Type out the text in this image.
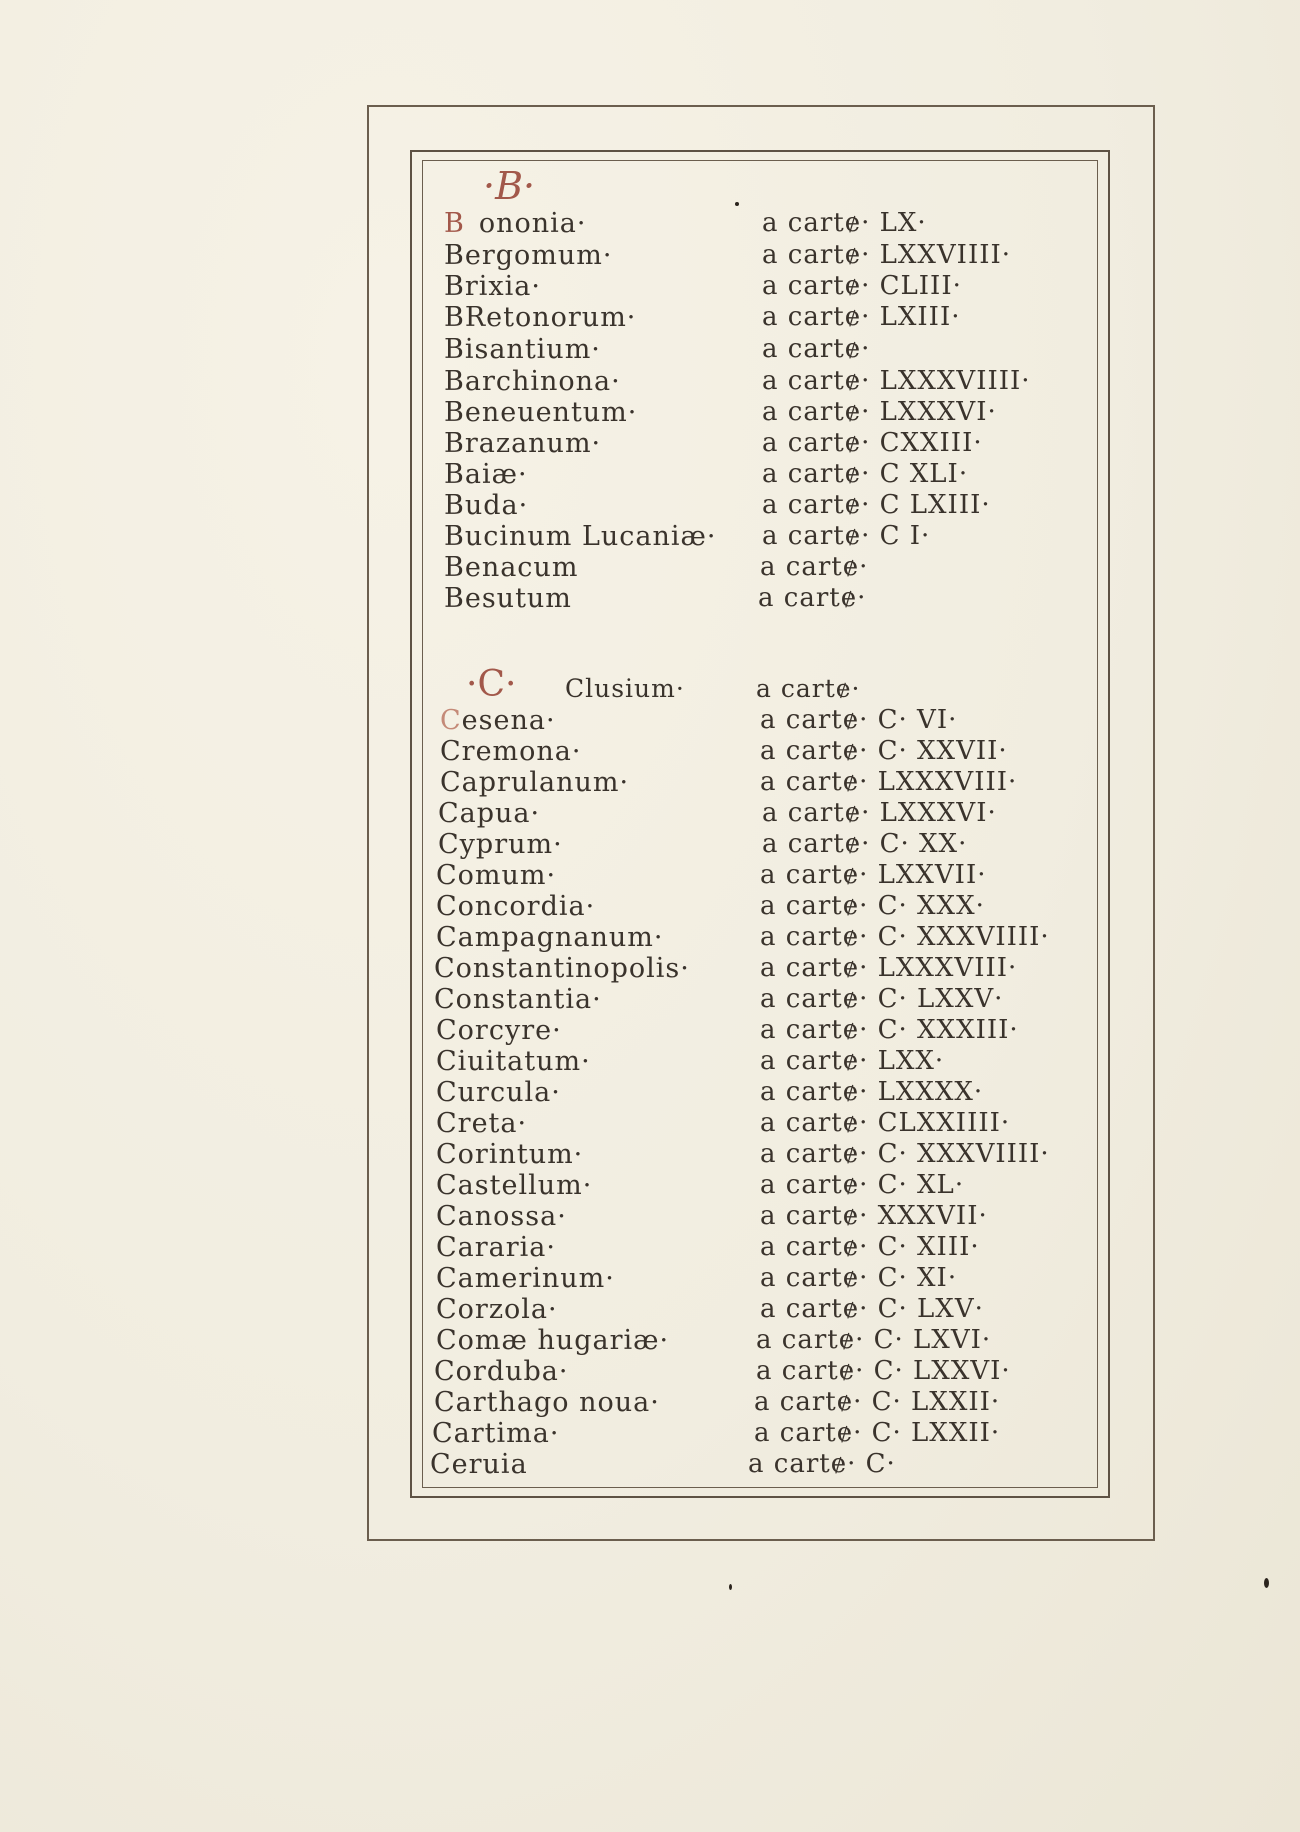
·B·
B ononia·	a cartɇ· LX·
Bergomum·	a cartɇ· LXXVIIII·
Brixia·	a cartɇ· CLIII·
BRetonorum·	a cartɇ· LXIII·
Bisantium·	a cartɇ·
Barchinona·	a cartɇ· LXXXVIIII·
Beneuentum·	a cartɇ· LXXXVI·
Brazanum·	a cartɇ· CXXIII·
Baiæ·	a cartɇ· C XLI·
Buda·	a cartɇ· C LXIII·
Bucinum Lucaniæ· a cartɇ· C I·
Benacum	a cartɇ·
Besutum	a cartɇ·
·C· Clusium·	a cartɇ·
Cesena·	a cartɇ· C· VI·
Cremona·	a cartɇ· C· XXVII·
Caprulanum·	a cartɇ· LXXXVIII·
Capua·	a cartɇ· LXXXVI·
Cyprum·	a cartɇ· C· XX·
Comum·	a cartɇ· LXXVII·
Concordia·	a cartɇ· C· XXX·
Campagnanum·	a cartɇ· C· XXXVIIII·
Constantinopolis·	a cartɇ· LXXXVIII·
Constantia·	a cartɇ· C· LXXV·
Corcyre·	a cartɇ· C· XXXIII·
Ciuitatum·	a cartɇ· LXX·
Curcula·	a cartɇ· LXXXX·
Creta·	a cartɇ· CLXXIIII·
Corintum·	a cartɇ· C· XXXVIIII·
Castellum·	a cartɇ· C· XL·
Canossa·	a cartɇ· XXXVII·
Cararia·	a cartɇ· C· XIII·
Camerinum·	a cartɇ· C· XI·
Corzola·	a cartɇ· C· LXV·
Comæ hugariæ·	a cartɇ· C· LXVI·
Corduba·	a cartɇ· C· LXXVI·
Carthago noua·	a cartɇ· C· LXXII·
Cartima·	a cartɇ· C· LXXII·
Ceruia	a cartɇ· C·
